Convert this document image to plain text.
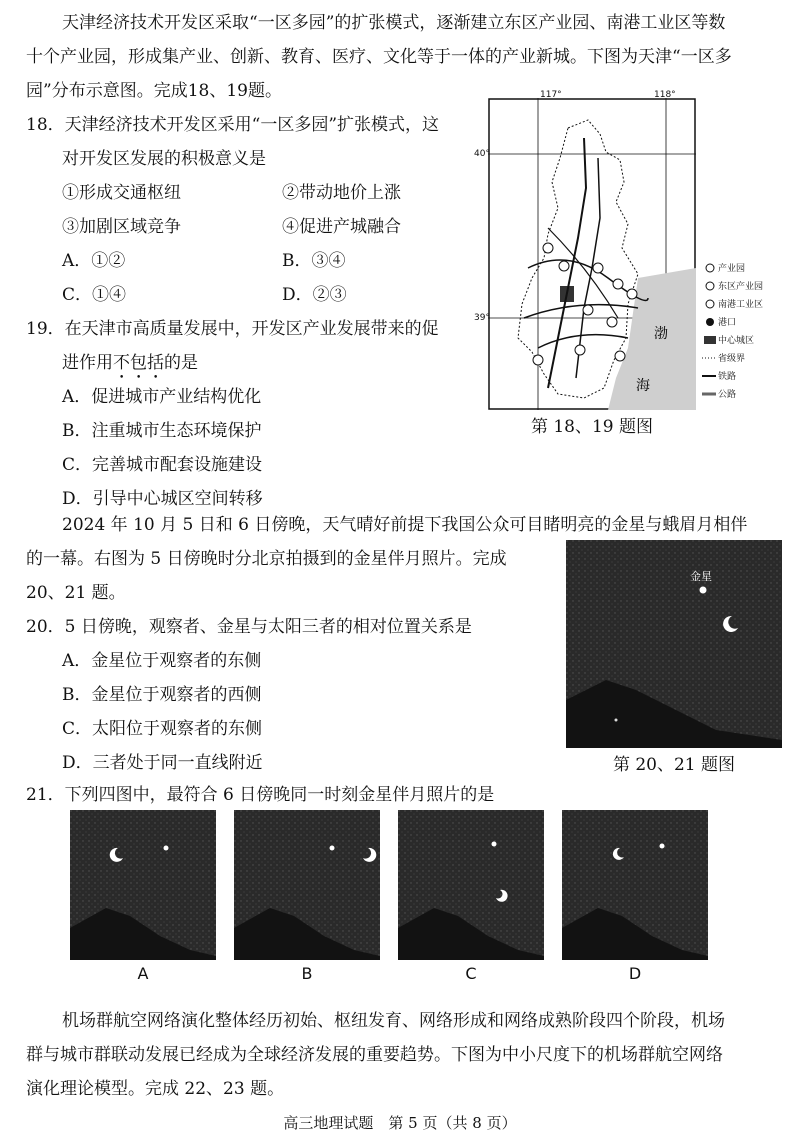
天津经济技术开发区采取“一区多园”的扩张模式，逐渐建立东区产业园、南港工业区等数
十个产业园，形成集产业、创新、教育、医疗、文化等于一体的产业新城。下图为天津“一区多
园”分布示意图。完成18、19题。
18．天津经济技术开发区采用“一区多园”扩张模式，这
对开发区发展的积极意义是
①形成交通枢纽	②带动地价上涨
③加剧区域竞争	④促进产城融合
A．①②	B．③④
C．①④	D．②③
19．在天津市高质量发展中，开发区产业发展带来的促
进作用不包括的是
A．促进城市产业结构优化
B．注重城市生态环境保护
C．完善城市配套设施建设
D．引导中心城区空间转移
117°	118°
40°
39°
渤
海
产业园
东区产业园
南港工业区
港口
中心城区
省级界
铁路
公路
第 18、19 题图
2024 年 10 月 5 日和 6 日傍晚，天气晴好前提下我国公众可目睹明亮的金星与蛾眉月相伴
的一幕。右图为 5 日傍晚时分北京拍摄到的金星伴月照片。完成
20、21 题。
金星
第 20、21 题图
20．5 日傍晚，观察者、金星与太阳三者的相对位置关系是
A．金星位于观察者的东侧
B．金星位于观察者的西侧
C．太阳位于观察者的东侧
D．三者处于同一直线附近
21．下列四图中，最符合 6 日傍晚同一时刻金星伴月照片的是
A	B	C	D
机场群航空网络演化整体经历初始、枢纽发育、网络形成和网络成熟阶段四个阶段，机场
群与城市群联动发展已经成为全球经济发展的重要趋势。下图为中小尺度下的机场群航空网络
演化理论模型。完成 22、23 题。
高三地理试题　第 5 页（共 8 页）
